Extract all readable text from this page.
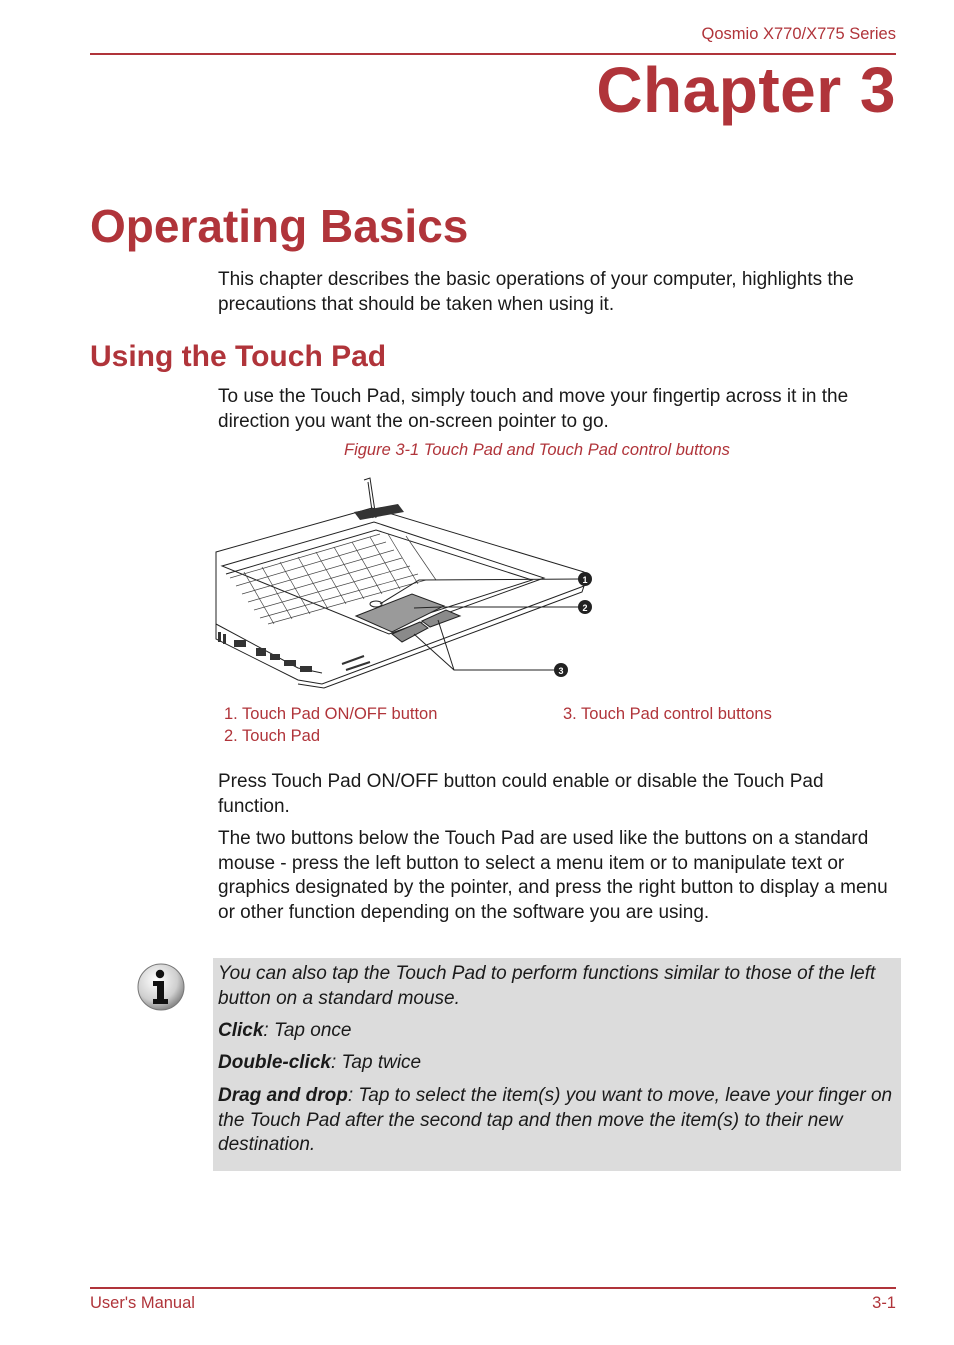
Qosmio X770/X775 Series
Chapter 3
Operating Basics

This chapter describes the basic operations of your computer, highlights the precautions that should be taken when using it.

Using the Touch Pad

To use the Touch Pad, simply touch and move your fingertip across it in the direction you want the on-screen pointer to go.

Figure 3-1 Touch Pad and Touch Pad control buttons
1
2
3
1. Touch Pad ON/OFF button
2. Touch Pad
3. Touch Pad control buttons

Press Touch Pad ON/OFF button could enable or disable the Touch Pad function.

The two buttons below the Touch Pad are used like the buttons on a standard mouse - press the left button to select a menu item or to manipulate text or graphics designated by the pointer, and press the right button to display a menu or other function depending on the software you are using.

You can also tap the Touch Pad to perform functions similar to those of the left button on a standard mouse.

Click: Tap once

Double-click: Tap twice

Drag and drop: Tap to select the item(s) you want to move, leave your finger on the Touch Pad after the second tap and then move the item(s) to their new destination.

User's Manual	3-1
